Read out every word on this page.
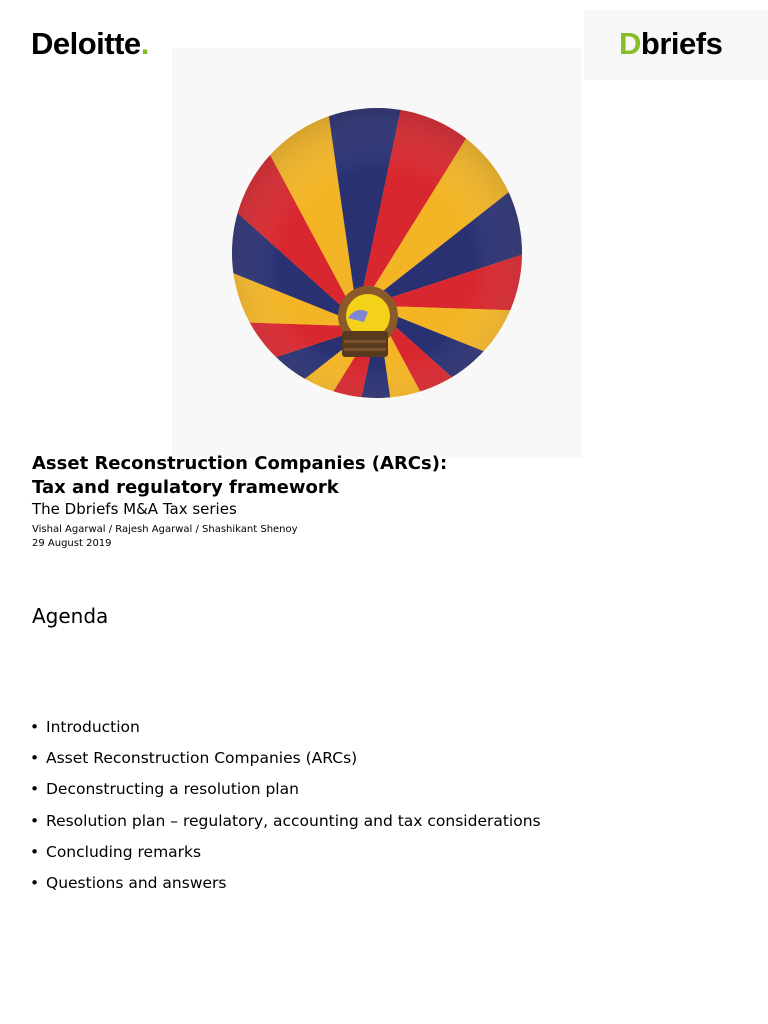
Deloitte.	Dbriefs
Asset Reconstruction Companies (ARCs):
Tax and regulatory framework
The Dbriefs M&A Tax series
Vishal Agarwal / Rajesh Agarwal / Shashikant Shenoy
29 August 2019
Agenda
• Introduction
• Asset Reconstruction Companies (ARCs)
• Deconstructing a resolution plan
• Resolution plan – regulatory, accounting and tax considerations
• Concluding remarks
• Questions and answers
